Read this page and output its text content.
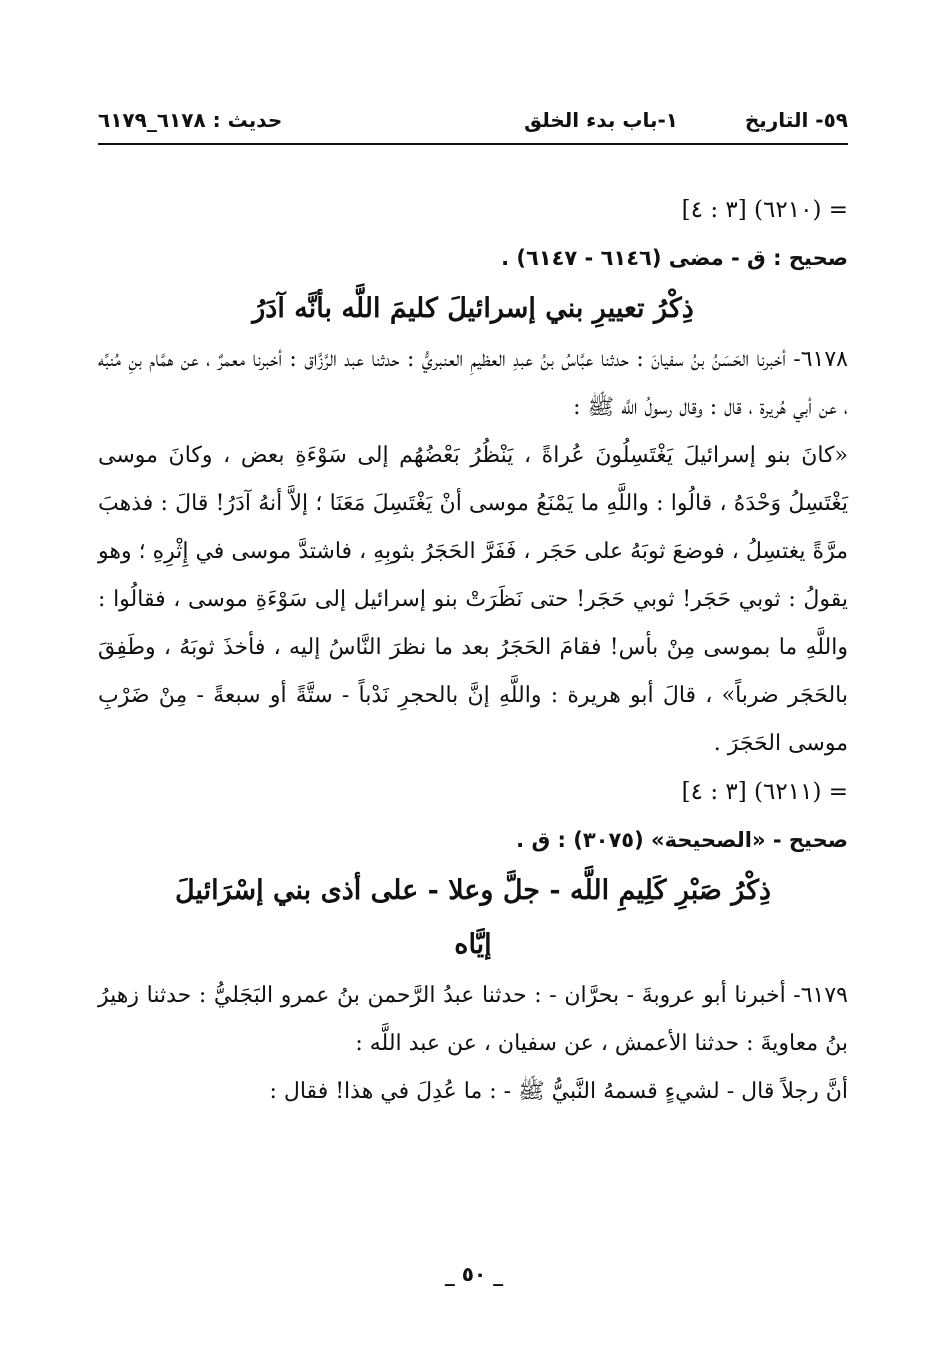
٥٩- التاريخ
١-باب بدء الخلق
حديث : ٦١٧٨_٦١٧٩
= (٦٢١٠) [٣ : ٤]
صحيح : ق - مضى (٦١٤٦ - ٦١٤٧) .
ذِكْرُ تعييرِ بني إسرائيلَ كليمَ اللَّه بأنَّه آدَرُ
٦١٧٨- أخبرنا الحَسَنُ بنُ سفيانَ : حدثنا عبَّاسُ بنُ عبدِ العظيمِ العنبريُّ : حدثنا عبد الرَّزَّاق : أخبرنا معمرٌ ، عن همَّام بنِ مُنبِّه ، عن أبي هُريرة ، قال : وقال رسولُ اللَّه ﷺ :
«كانَ بنو إسرائيلَ يَغْتَسِلُونَ عُراةً ، يَنْظُرُ بَعْضُهُم إلى سَوْءَةِ بعض ، وكانَ موسى يَغْتَسِلُ وَحْدَهُ ، قالُوا : واللَّهِ ما يَمْنَعُ موسى أنْ يَغْتَسِلَ مَعَنَا ؛ إلاَّ أنهُ آدَرُ! قالَ : فذهبَ مرَّةً يغتسِلُ ، فوضعَ ثوبَهُ على حَجَر ، فَفَرَّ الحَجَرُ بثوبِهِ ، فاشتدَّ موسى في إِثْرِهِ ؛ وهو يقولُ : ثوبي حَجَر! ثوبي حَجَر! حتى نَظَرَتْ بنو إسرائيل إلى سَوْءَةِ موسى ، فقالُوا : واللَّهِ ما بموسى مِنْ بأس! فقامَ الحَجَرُ بعد ما نظرَ النَّاسُ إليه ، فأخذَ ثوبَهُ ، وطَفِقَ بالحَجَر ضرباً» ، قالَ أبو هريرة : واللَّهِ إنَّ بالحجرِ نَدْباً - ستَّةً أو سبعةً - مِنْ ضَرْبِ موسى الحَجَرَ .
= (٦٢١١) [٣ : ٤]
صحيح - «الصحيحة» (٣٠٧٥) : ق .
ذِكْرُ صَبْرِ كَلِيمِ اللَّه - جلَّ وعلا - على أذى بني إسْرَائيلَ
إيَّاه
٦١٧٩- أخبرنا أبو عروبةَ - بحرَّان - : حدثنا عبدُ الرَّحمن بنُ عمرو البَجَليُّ : حدثنا زهيرُ بنُ معاويةَ : حدثنا الأعمش ، عن سفيان ، عن عبد اللَّه :
أنَّ رجلاً قال - لشيءٍ قسمهُ النَّبيُّ ﷺ - : ما عُدِلَ في هذا! فقال :
_ ٥٠ _
